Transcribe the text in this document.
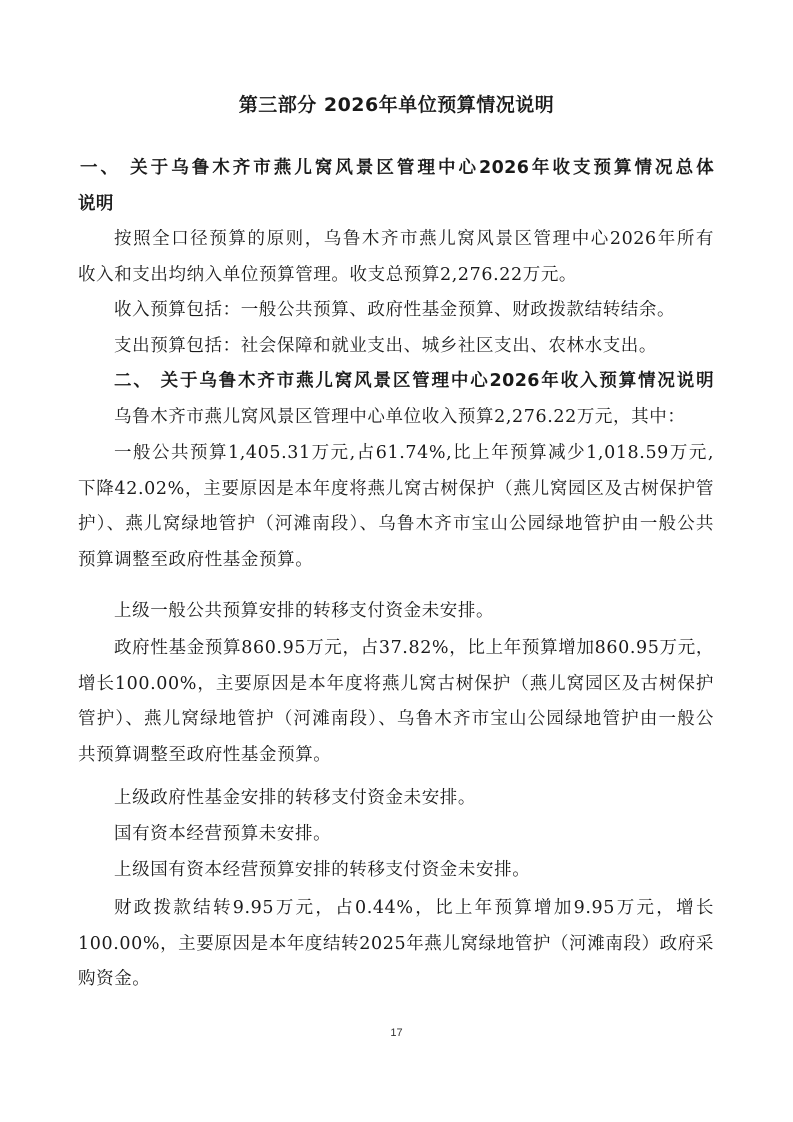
第三部分 2026年单位预算情况说明
一、 关于乌鲁木齐市燕儿窝风景区管理中心2026年收支预算情况总体
说明
按照全口径预算的原则，乌鲁木齐市燕儿窝风景区管理中心2026年所有
收入和支出均纳入单位预算管理。收支总预算2,276.22万元。
收入预算包括：一般公共预算、政府性基金预算、财政拨款结转结余。
支出预算包括：社会保障和就业支出、城乡社区支出、农林水支出。
二、 关于乌鲁木齐市燕儿窝风景区管理中心2026年收入预算情况说明
乌鲁木齐市燕儿窝风景区管理中心单位收入预算2,276.22万元，其中：
一般公共预算1,405.31万元,占61.74%,比上年预算减少1,018.59万元,
下降42.02%，主要原因是本年度将燕儿窝古树保护（燕儿窝园区及古树保护管
护）、燕儿窝绿地管护（河滩南段）、乌鲁木齐市宝山公园绿地管护由一般公共
预算调整至政府性基金预算。
上级一般公共预算安排的转移支付资金未安排。
政府性基金预算860.95万元，占37.82%，比上年预算增加860.95万元，
增长100.00%，主要原因是本年度将燕儿窝古树保护（燕儿窝园区及古树保护
管护）、燕儿窝绿地管护（河滩南段）、乌鲁木齐市宝山公园绿地管护由一般公
共预算调整至政府性基金预算。
上级政府性基金安排的转移支付资金未安排。
国有资本经营预算未安排。
上级国有资本经营预算安排的转移支付资金未安排。
财政拨款结转9.95万元，占0.44%，比上年预算增加9.95万元，增长
100.00%，主要原因是本年度结转2025年燕儿窝绿地管护（河滩南段）政府采
购资金。
17
